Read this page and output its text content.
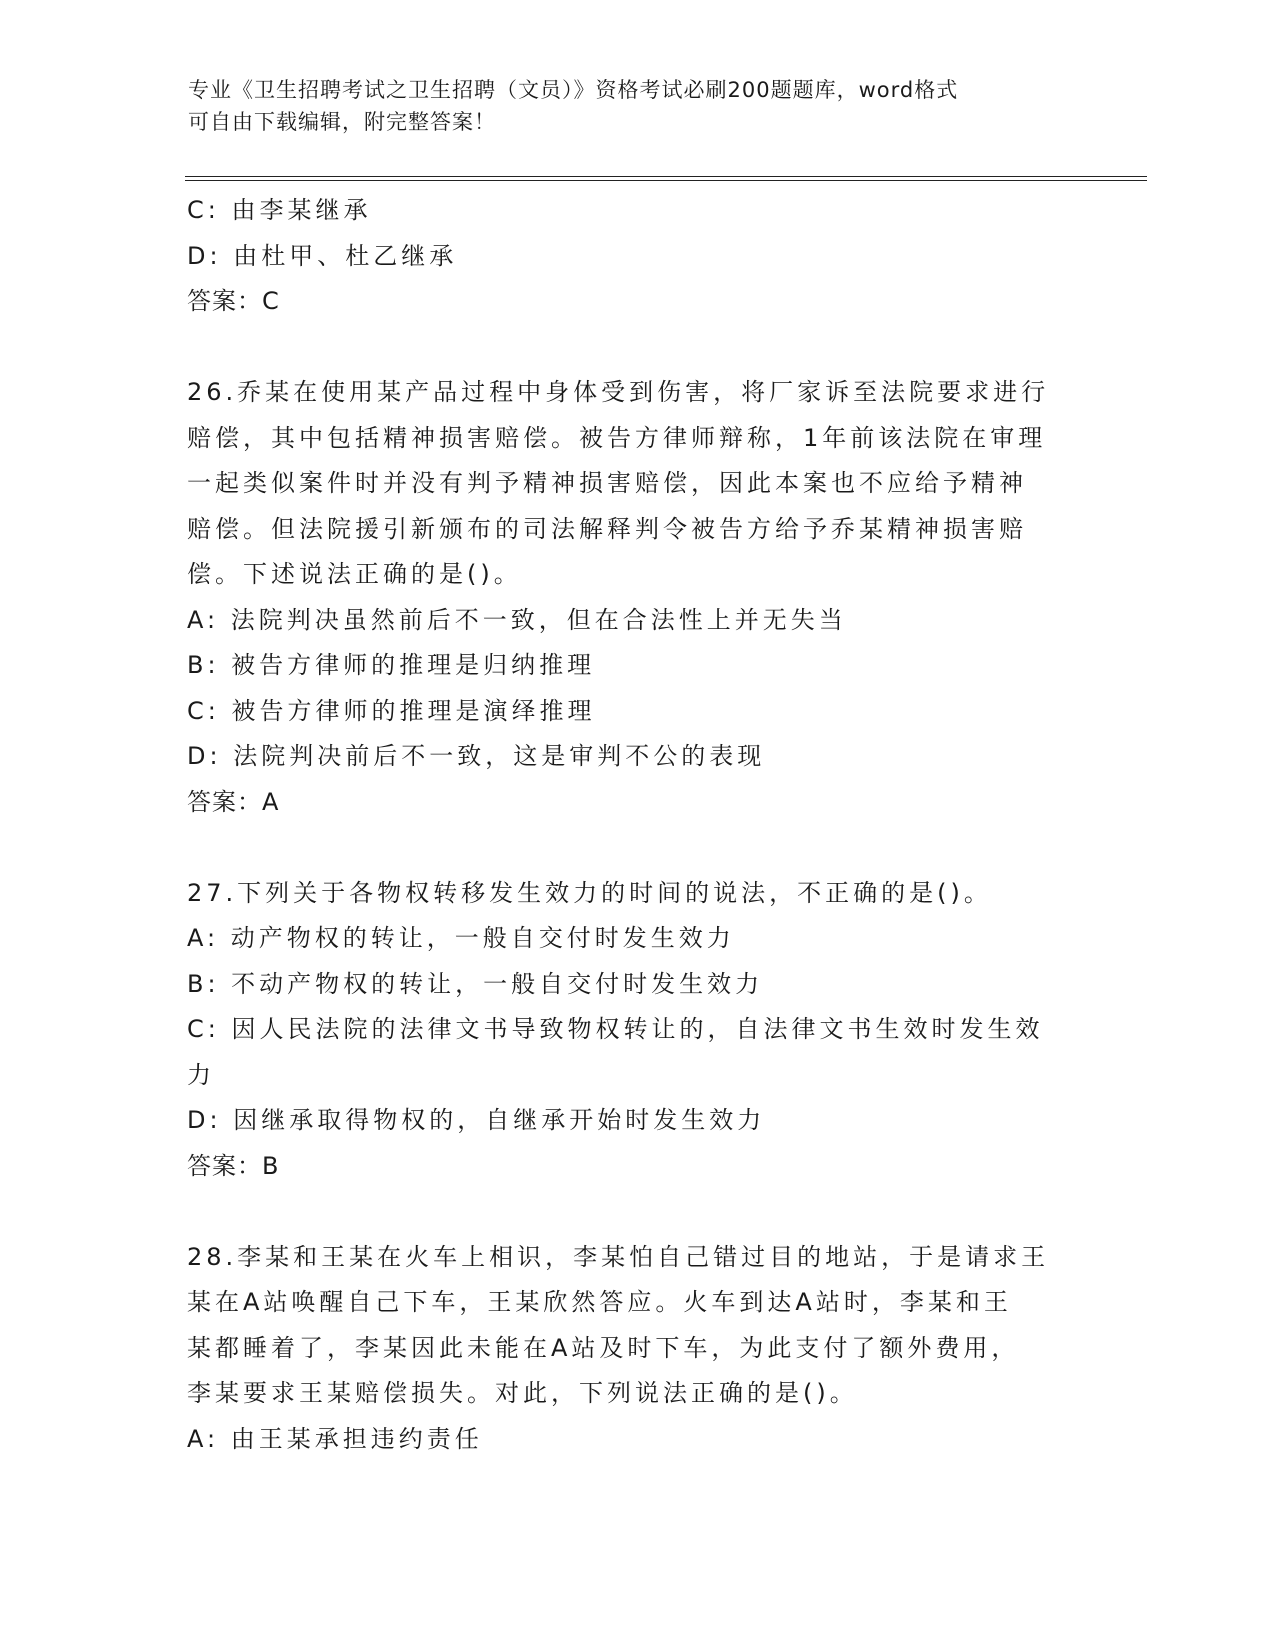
专业《卫生招聘考试之卫生招聘（文员）》资格考试必刷200题题库，word格式
可自由下载编辑，附完整答案！
C: 由李某继承
D: 由杜甲、杜乙继承
答案：C
26.乔某在使用某产品过程中身体受到伤害，将厂家诉至法院要求进行
赔偿，其中包括精神损害赔偿。被告方律师辩称，1年前该法院在审理
一起类似案件时并没有判予精神损害赔偿，因此本案也不应给予精神
赔偿。但法院援引新颁布的司法解释判令被告方给予乔某精神损害赔
偿。下述说法正确的是()。
A: 法院判决虽然前后不一致，但在合法性上并无失当
B: 被告方律师的推理是归纳推理
C: 被告方律师的推理是演绎推理
D: 法院判决前后不一致，这是审判不公的表现
答案：A
27.下列关于各物权转移发生效力的时间的说法，不正确的是()。
A: 动产物权的转让，一般自交付时发生效力
B: 不动产物权的转让，一般自交付时发生效力
C: 因人民法院的法律文书导致物权转让的，自法律文书生效时发生效
力
D: 因继承取得物权的，自继承开始时发生效力
答案：B
28.李某和王某在火车上相识，李某怕自己错过目的地站，于是请求王
某在A站唤醒自己下车，王某欣然答应。火车到达A站时，李某和王
某都睡着了，李某因此未能在A站及时下车，为此支付了额外费用，
李某要求王某赔偿损失。对此，下列说法正确的是()。
A: 由王某承担违约责任
